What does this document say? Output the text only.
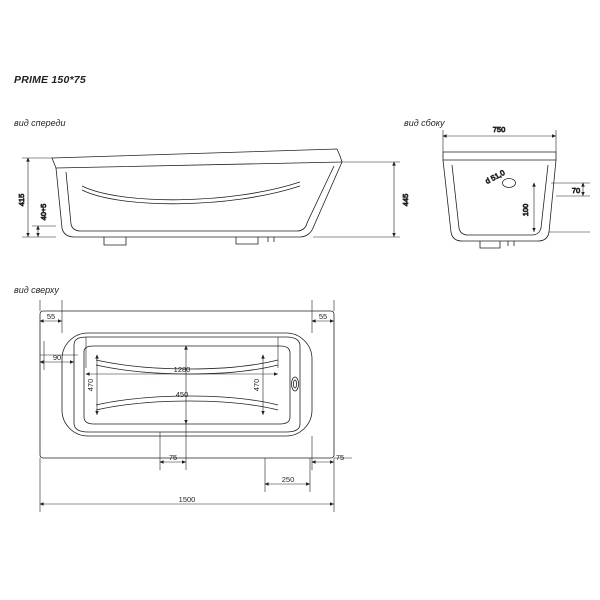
PRIME 150*75
вид спереди	вид сбоку
вид сверху
415
40÷5
445
d 51,0
750
100
70
55	55
90
1280
470
450
470
75	75
250
1500
